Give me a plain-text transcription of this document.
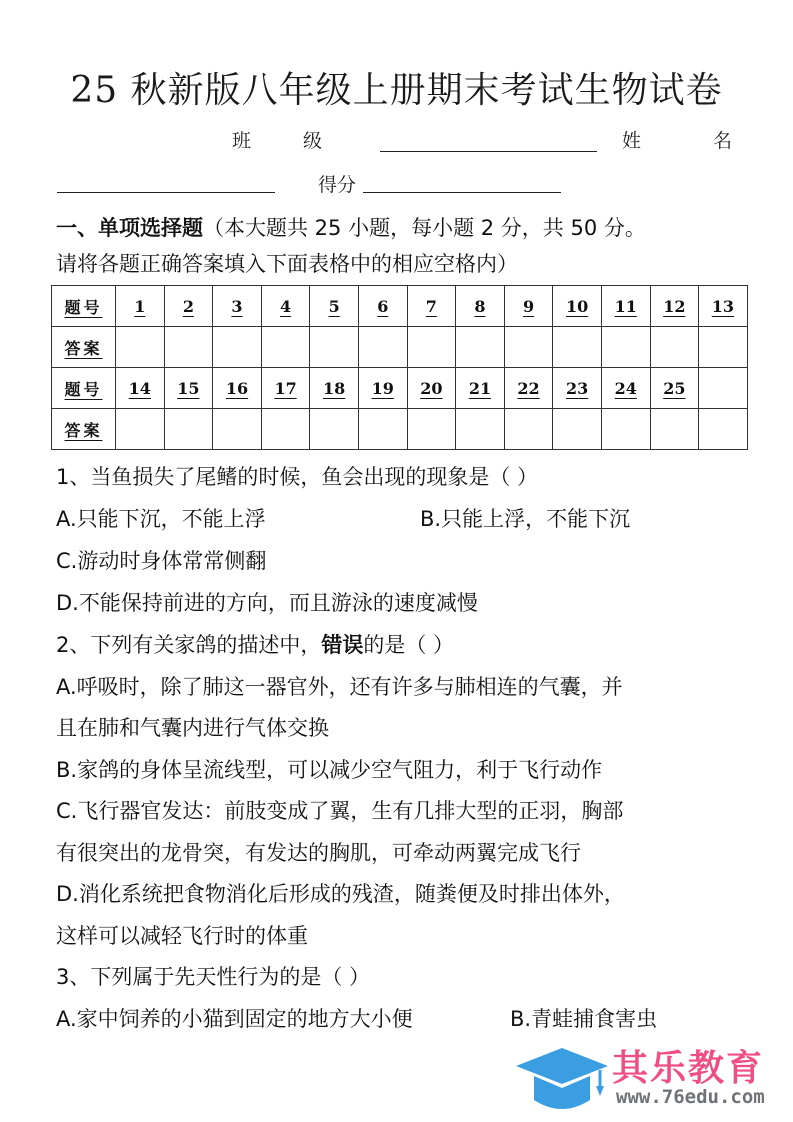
25 秋新版八年级上册期末考试生物试卷
班	级	姓	名
得分
一、单项选择题（本大题共 25 小题，每小题 2 分，共 50 分。
请将各题正确答案填入下面表格中的相应空格内）
题号	1	2	3	4	5	6	7	8	9	10	11	12	13
答案													
题号	14	15	16	17	18	19	20	21	22	23	24	25	
答案													
1、当鱼损失了尾鳍的时候，鱼会出现的现象是（ ）
A.只能下沉，不能上浮	B.只能上浮，不能下沉
C.游动时身体常常侧翻
D.不能保持前进的方向，而且游泳的速度减慢
2、下列有关家鸽的描述中，错误的是（ ）
A.呼吸时，除了肺这一器官外，还有许多与肺相连的气囊，并
且在肺和气囊内进行气体交换
B.家鸽的身体呈流线型，可以减少空气阻力，利于飞行动作
C.飞行器官发达：前肢变成了翼，生有几排大型的正羽，胸部
有很突出的龙骨突，有发达的胸肌，可牵动两翼完成飞行
D.消化系统把食物消化后形成的残渣，随粪便及时排出体外，
这样可以减轻飞行时的体重
3、下列属于先天性行为的是（ ）
A.家中饲养的小猫到固定的地方大小便	B.青蛙捕食害虫
其乐教育
www.76edu.com
